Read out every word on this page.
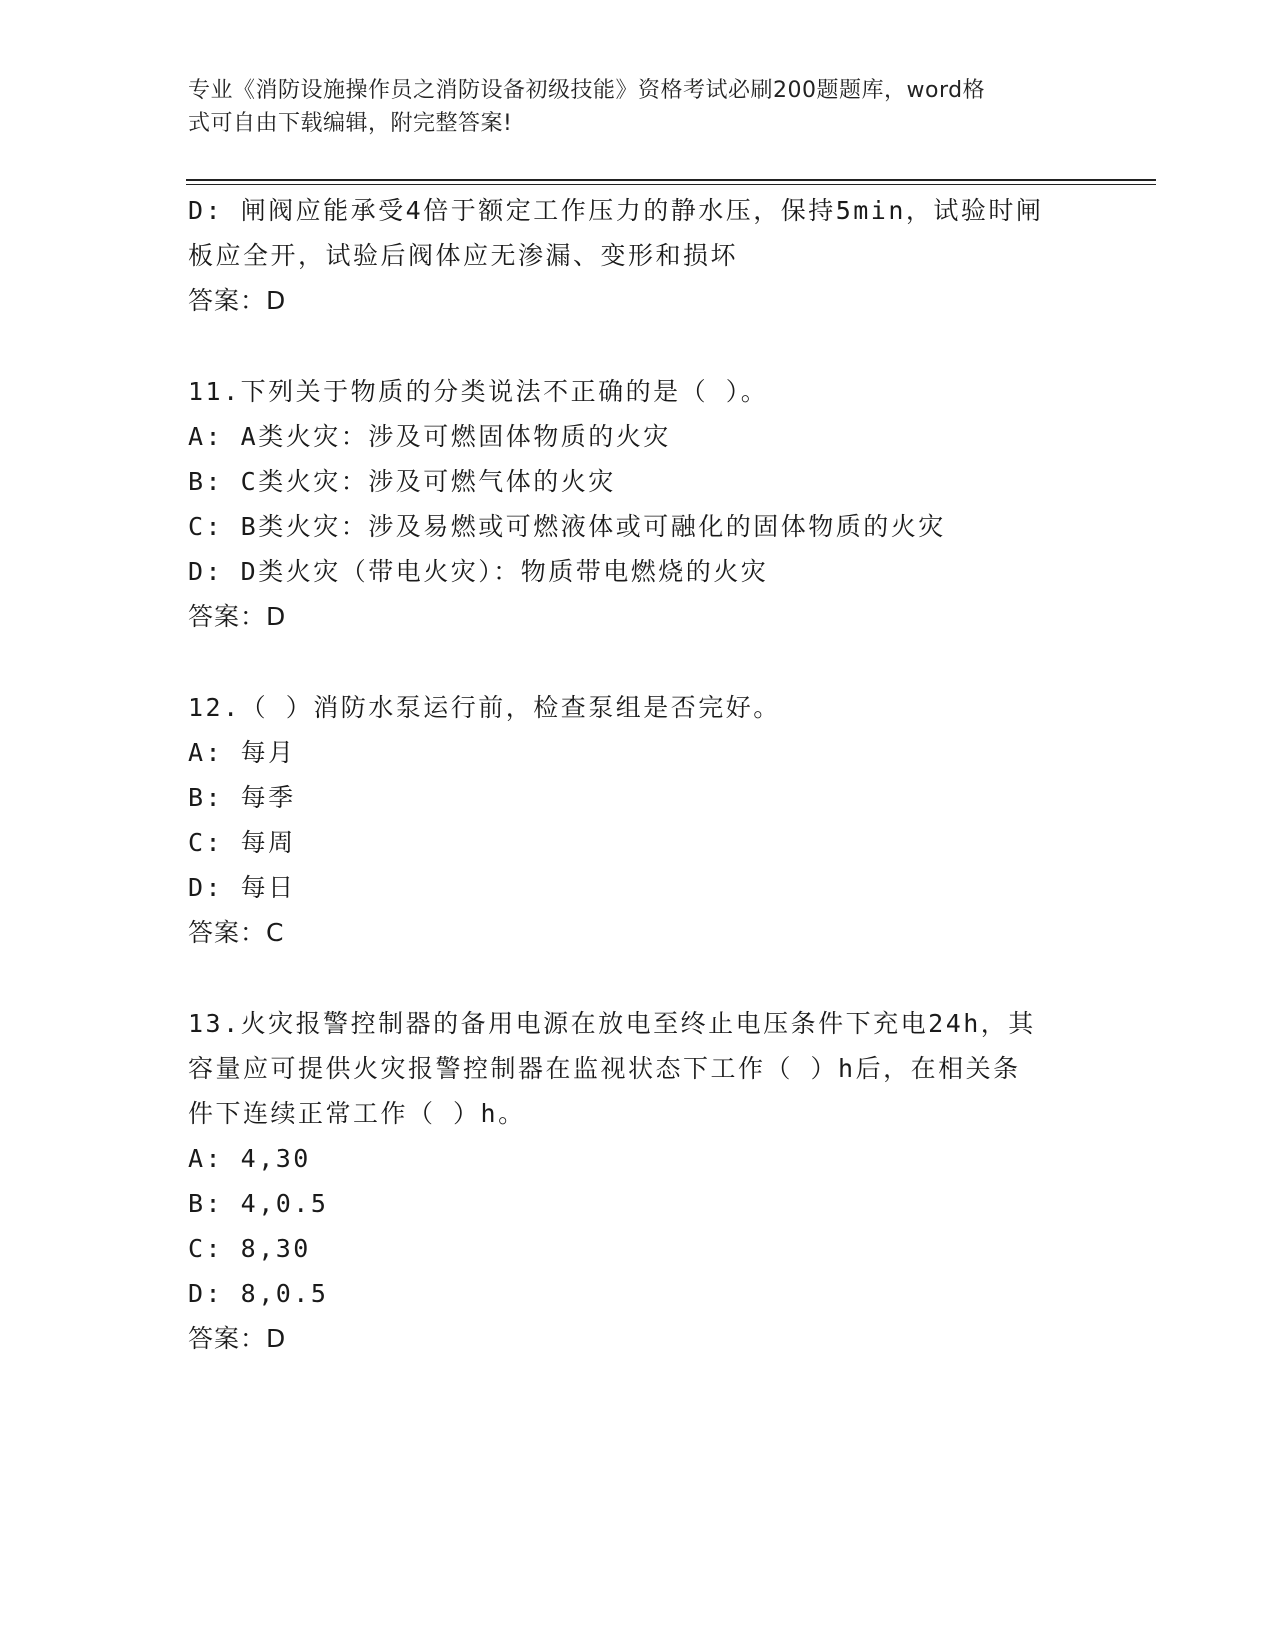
专业《消防设施操作员之消防设备初级技能》资格考试必刷200题题库，word格
式可自由下载编辑，附完整答案!
D: 闸阀应能承受4倍于额定工作压力的静水压，保持5min，试验时闸
板应全开，试验后阀体应无渗漏、变形和损坏
答案：D
11.下列关于物质的分类说法不正确的是（ ）。
A: A类火灾：涉及可燃固体物质的火灾
B: C类火灾：涉及可燃气体的火灾
C: B类火灾：涉及易燃或可燃液体或可融化的固体物质的火灾
D: D类火灾（带电火灾）：物质带电燃烧的火灾
答案：D
12.（ ）消防水泵运行前，检查泵组是否完好。
A: 每月
B: 每季
C: 每周
D: 每日
答案：C
13.火灾报警控制器的备用电源在放电至终止电压条件下充电24h，其
容量应可提供火灾报警控制器在监视状态下工作（ ）h后，在相关条
件下连续正常工作（ ）h。
A: 4,30
B: 4,0.5
C: 8,30
D: 8,0.5
答案：D
